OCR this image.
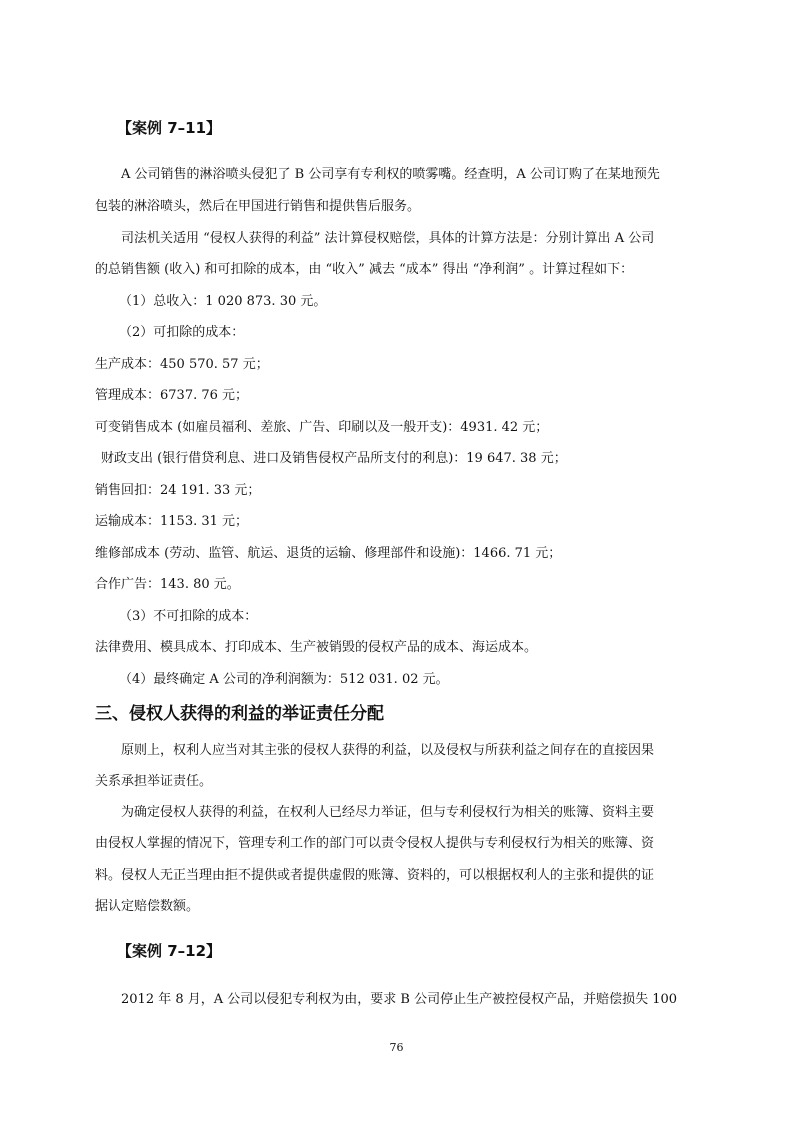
【案例 7–11】
A 公司销售的淋浴喷头侵犯了 B 公司享有专利权的喷雾嘴。经查明，A 公司订购了在某地预先
包装的淋浴喷头，然后在甲国进行销售和提供售后服务。
司法机关适用 “侵权人获得的利益” 法计算侵权赔偿，具体的计算方法是：分别计算出 A 公司
的总销售额 (收入) 和可扣除的成本，由 “收入” 减去 “成本” 得出 “净利润” 。计算过程如下：
（1）总收入：1 020 873. 30 元。
（2）可扣除的成本：
生产成本：450 570. 57 元；
管理成本：6737. 76 元；
可变销售成本 (如雇员福利、差旅、广告、印刷以及一般开支)：4931. 42 元；
财政支出 (银行借贷利息、进口及销售侵权产品所支付的利息)：19 647. 38 元；
销售回扣：24 191. 33 元；
运输成本：1153. 31 元；
维修部成本 (劳动、监管、航运、退货的运输、修理部件和设施)：1466. 71 元；
合作广告：143. 80 元。
（3）不可扣除的成本：
法律费用、模具成本、打印成本、生产被销毁的侵权产品的成本、海运成本。
（4）最终确定 A 公司的净利润额为：512 031. 02 元。
三、侵权人获得的利益的举证责任分配
原则上，权利人应当对其主张的侵权人获得的利益，以及侵权与所获利益之间存在的直接因果
关系承担举证责任。
为确定侵权人获得的利益，在权利人已经尽力举证，但与专利侵权行为相关的账簿、资料主要
由侵权人掌握的情况下，管理专利工作的部门可以责令侵权人提供与专利侵权行为相关的账簿、资
料。侵权人无正当理由拒不提供或者提供虚假的账簿、资料的，可以根据权利人的主张和提供的证
据认定赔偿数额。
【案例 7–12】
2012 年 8 月，A 公司以侵犯专利权为由，要求 B 公司停止生产被控侵权产品，并赔偿损失 100
76
